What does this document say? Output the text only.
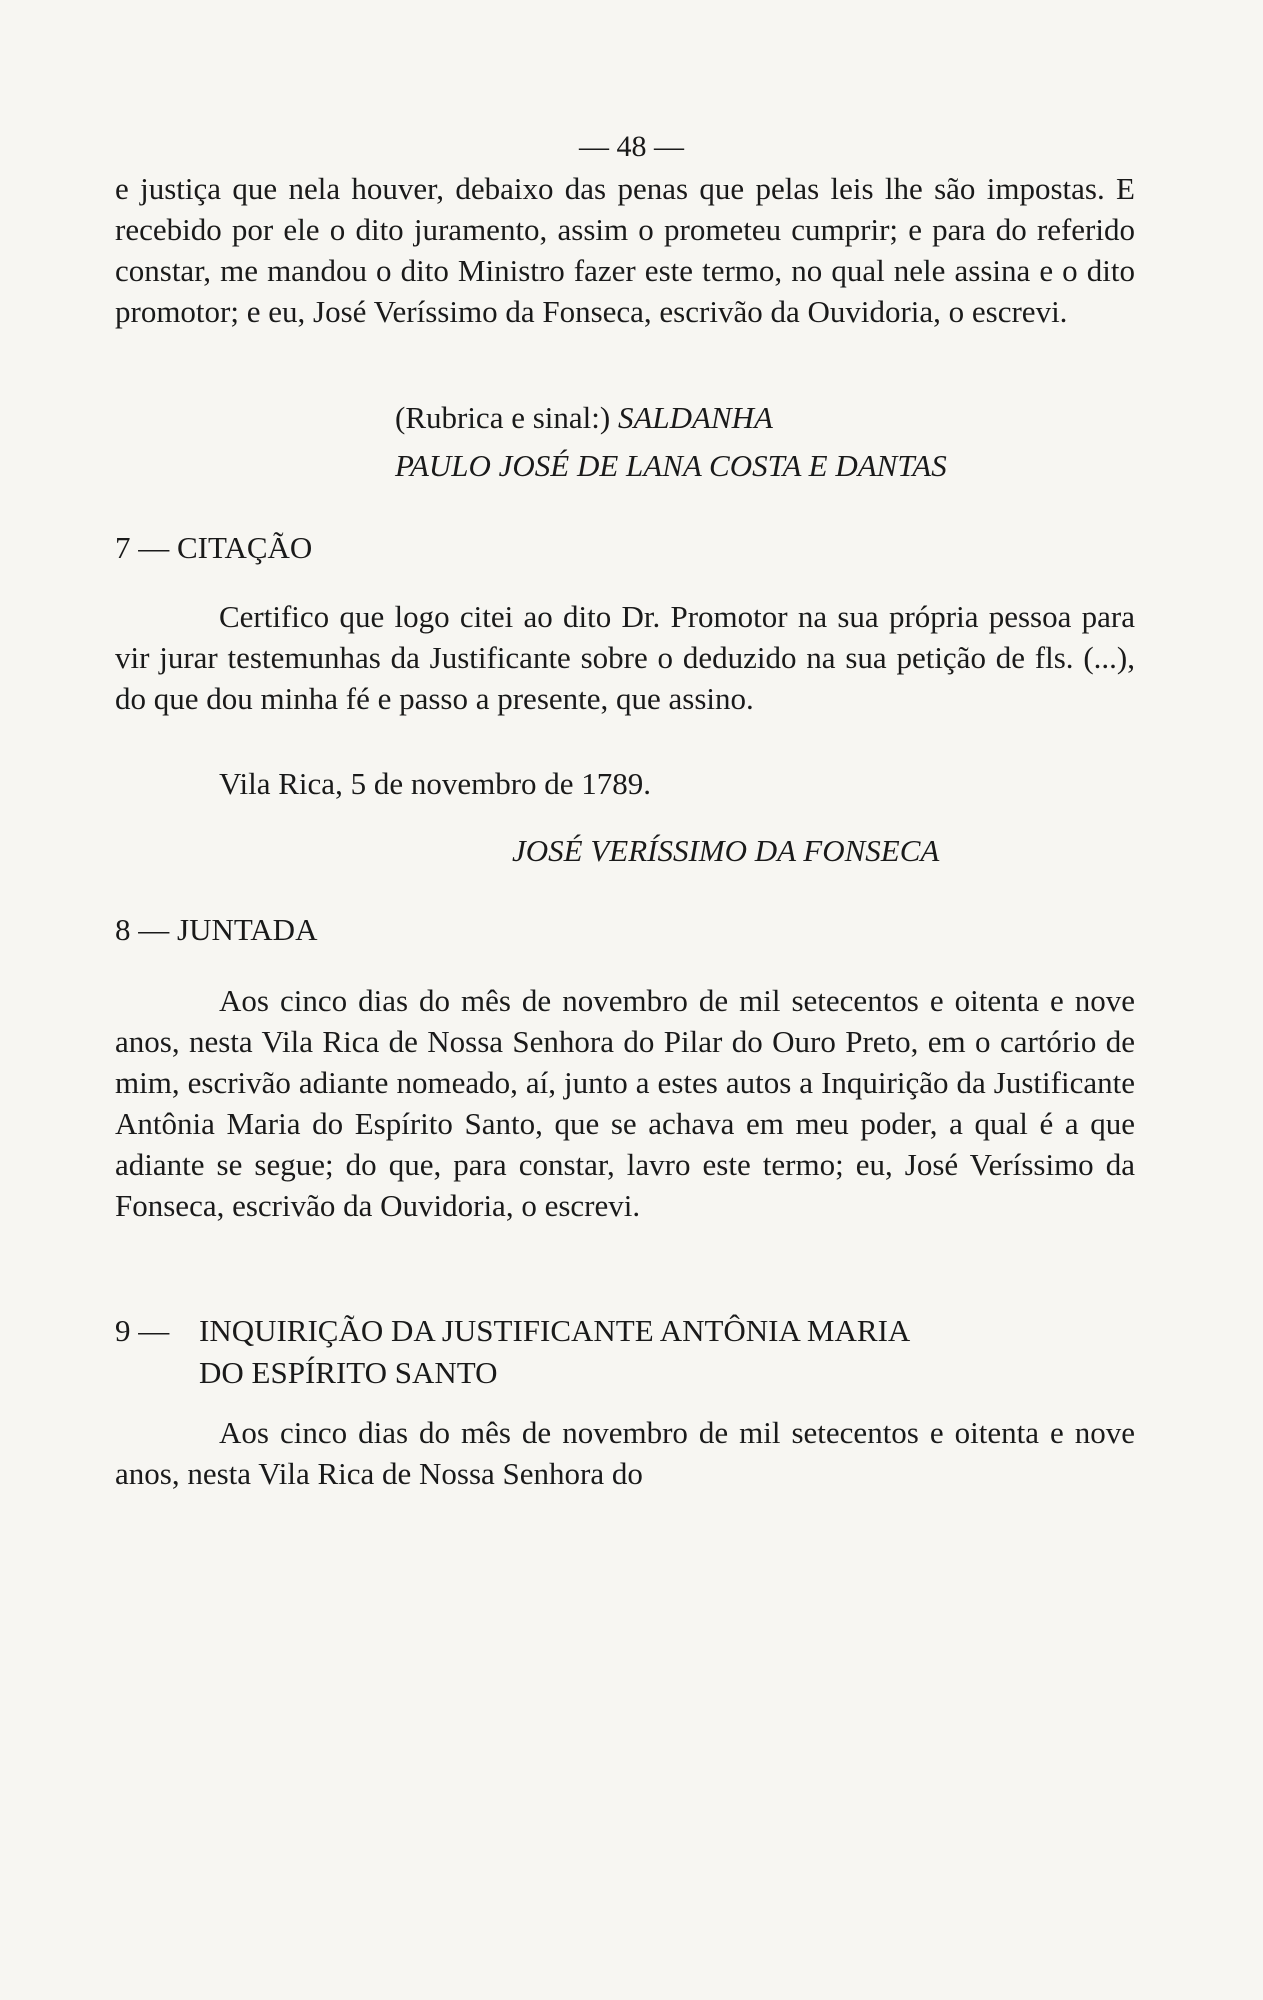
— 48 —
e justiça que nela houver, debaixo das penas que pelas leis lhe são impostas. E recebido por ele o dito juramento, assim o prometeu cumprir; e para do referido constar, me mandou o dito Ministro fazer este termo, no qual nele assina e o dito promotor; e eu, José Veríssimo da Fonseca, escrivão da Ouvidoria, o escrevi.
(Rubrica e sinal:) SALDANHA
PAULO JOSÉ DE LANA COSTA E DANTAS
7 — CITAÇÃO
Certifico que logo citei ao dito Dr. Promotor na sua própria pessoa para vir jurar testemunhas da Justificante sobre o deduzido na sua petição de fls. (...), do que dou minha fé e passo a presente, que assino.
Vila Rica, 5 de novembro de 1789.
JOSÉ VERÍSSIMO DA FONSECA
8 — JUNTADA
Aos cinco dias do mês de novembro de mil setecentos e oitenta e nove anos, nesta Vila Rica de Nossa Senhora do Pilar do Ouro Preto, em o cartório de mim, escrivão adiante nomeado, aí, junto a estes autos a Inquirição da Justificante Antônia Maria do Espírito Santo, que se achava em meu poder, a qual é a que adiante se segue; do que, para constar, lavro este termo; eu, José Veríssimo da Fonseca, escrivão da Ouvidoria, o escrevi.
9 — INQUIRIÇÃO DA JUSTIFICANTE ANTÔNIA MARIA
DO ESPÍRITO SANTO
Aos cinco dias do mês de novembro de mil setecentos e oitenta e nove anos, nesta Vila Rica de Nossa Senhora do
